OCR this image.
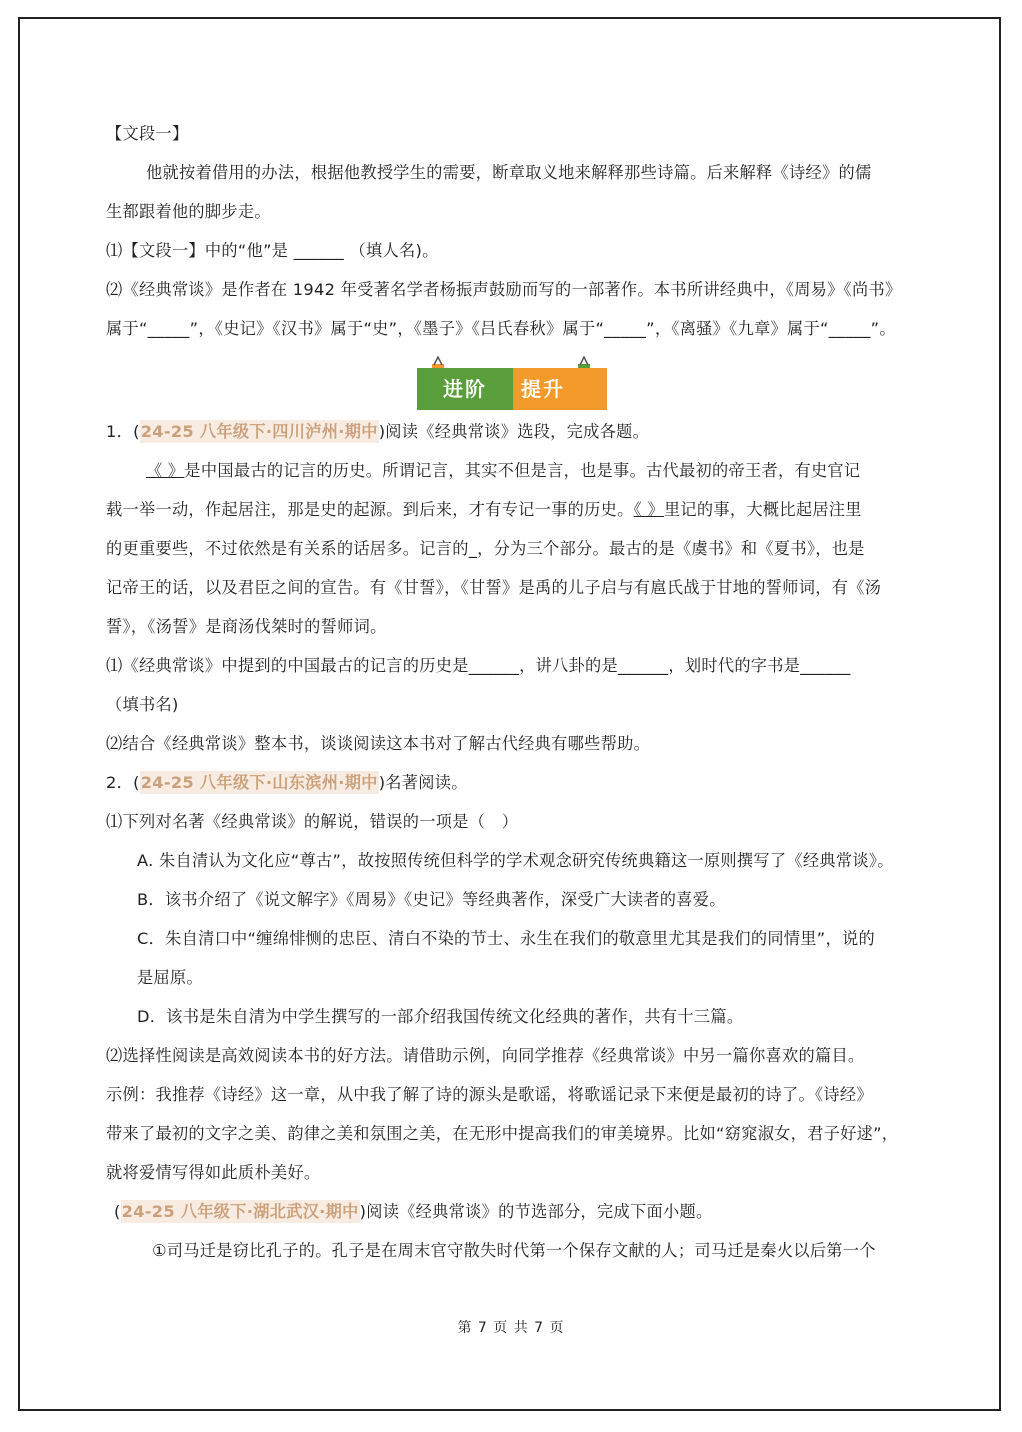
【文段一】
他就按着借用的办法，根据他教授学生的需要，断章取义地来解释那些诗篇。后来解释《诗经》的儒
生都跟着他的脚步走。
⑴【文段一】中的“他”是 ______ （填人名)。
⑵《经典常谈》是作者在 1942 年受著名学者杨振声鼓励而写的一部著作。本书所讲经典中，《周易》《尚书》
属于“_____”，《史记》《汉书》属于“史”，《墨子》《吕氏春秋》属于“_____”，《离骚》《九章》属于“_____”。
进阶	提升
1．(24-25 八年级下·四川泸州·期中)阅读《经典常谈》选段，完成各题。
《 》是中国最古的记言的历史。所谓记言，其实不但是言，也是事。古代最初的帝王者，有史官记
载一举一动，作起居注，那是史的起源。到后来，才有专记一事的历史。《 》里记的事，大概比起居注里
的更重要些，不过依然是有关系的话居多。记言的_，分为三个部分。最古的是《虞书》和《夏书》，也是
记帝王的话，以及君臣之间的宣告。有《甘誓》，《甘誓》是禹的儿子启与有扈氏战于甘地的誓师词，有《汤
誓》，《汤誓》是商汤伐桀时的誓师词。
⑴《经典常谈》中提到的中国最古的记言的历史是______，讲八卦的是______，划时代的字书是______
（填书名)
⑵结合《经典常谈》整本书，谈谈阅读这本书对了解古代经典有哪些帮助。
2．(24-25 八年级下·山东滨州·期中)名著阅读。
⑴下列对名著《经典常谈》的解说，错误的一项是（　）
A. 朱自清认为文化应“尊古”，故按照传统但科学的学术观念研究传统典籍这一原则撰写了《经典常谈》。
B．该书介绍了《说文解字》《周易》《史记》等经典著作，深受广大读者的喜爱。
C．朱自清口中“缠绵悱恻的忠臣、清白不染的节士、永生在我们的敬意里尤其是我们的同情里”，说的
是屈原。
D．该书是朱自清为中学生撰写的一部介绍我国传统文化经典的著作，共有十三篇。
⑵选择性阅读是高效阅读本书的好方法。请借助示例，向同学推荐《经典常谈》中另一篇你喜欢的篇目。
示例：我推荐《诗经》这一章，从中我了解了诗的源头是歌谣，将歌谣记录下来便是最初的诗了。《诗经》
带来了最初的文字之美、韵律之美和氛围之美，在无形中提高我们的审美境界。比如“窈窕淑女，君子好逑”，
就将爱情写得如此质朴美好。
(24-25 八年级下·湖北武汉·期中)阅读《经典常谈》的节选部分，完成下面小题。
①司马迁是窃比孔子的。孔子是在周末官守散失时代第一个保存文献的人；司马迁是秦火以后第一个
第 7 页 共 7 页
